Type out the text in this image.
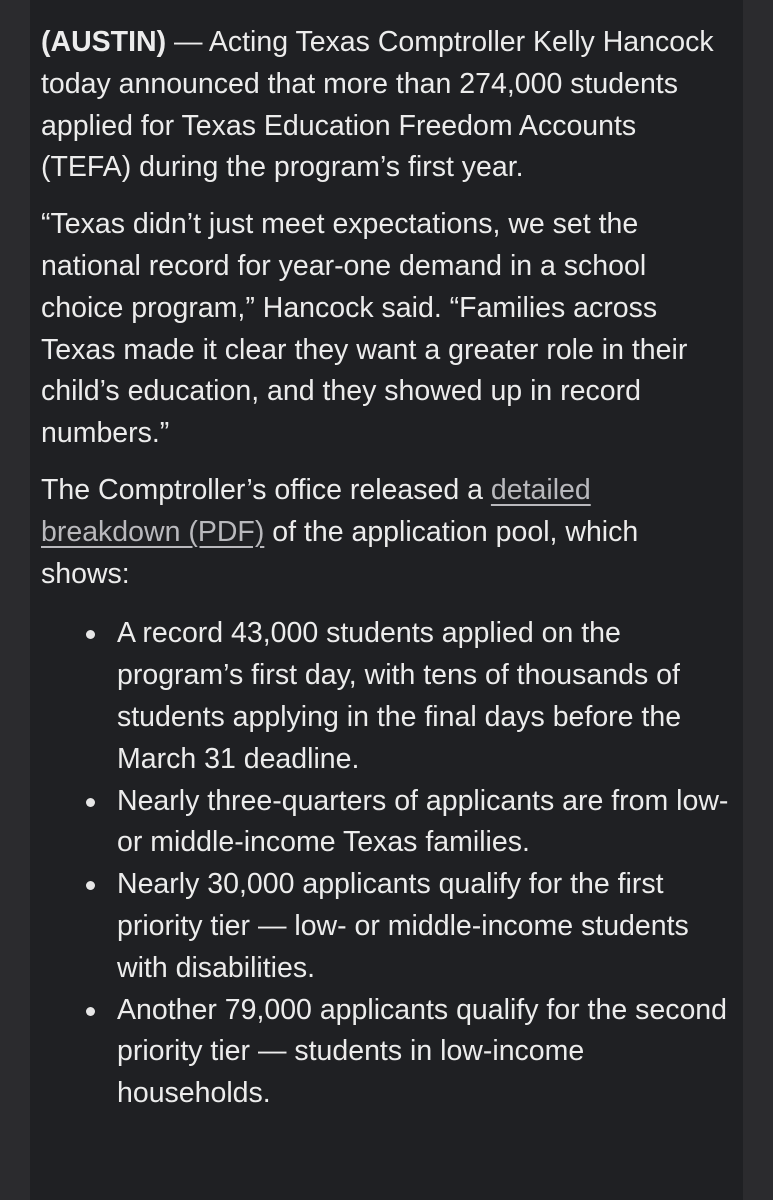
(AUSTIN) — Acting Texas Comptroller Kelly Hancock today announced that more than 274,000 students applied for Texas Education Freedom Accounts (TEFA) during the program’s first year.

“Texas didn’t just meet expectations, we set the national record for year-one demand in a school choice program,” Hancock said. “Families across Texas made it clear they want a greater role in their child’s education, and they showed up in record numbers.”

The Comptroller’s office released a detailed breakdown (PDF) of the application pool, which shows:

A record 43,000 students applied on the program’s first day, with tens of thousands of students applying in the final days before the March 31 deadline.
Nearly three-quarters of applicants are from low- or middle-income Texas families.
Nearly 30,000 applicants qualify for the first priority tier — low- or middle-income students with disabilities.
Another 79,000 applicants qualify for the second priority tier — students in low-income households.
